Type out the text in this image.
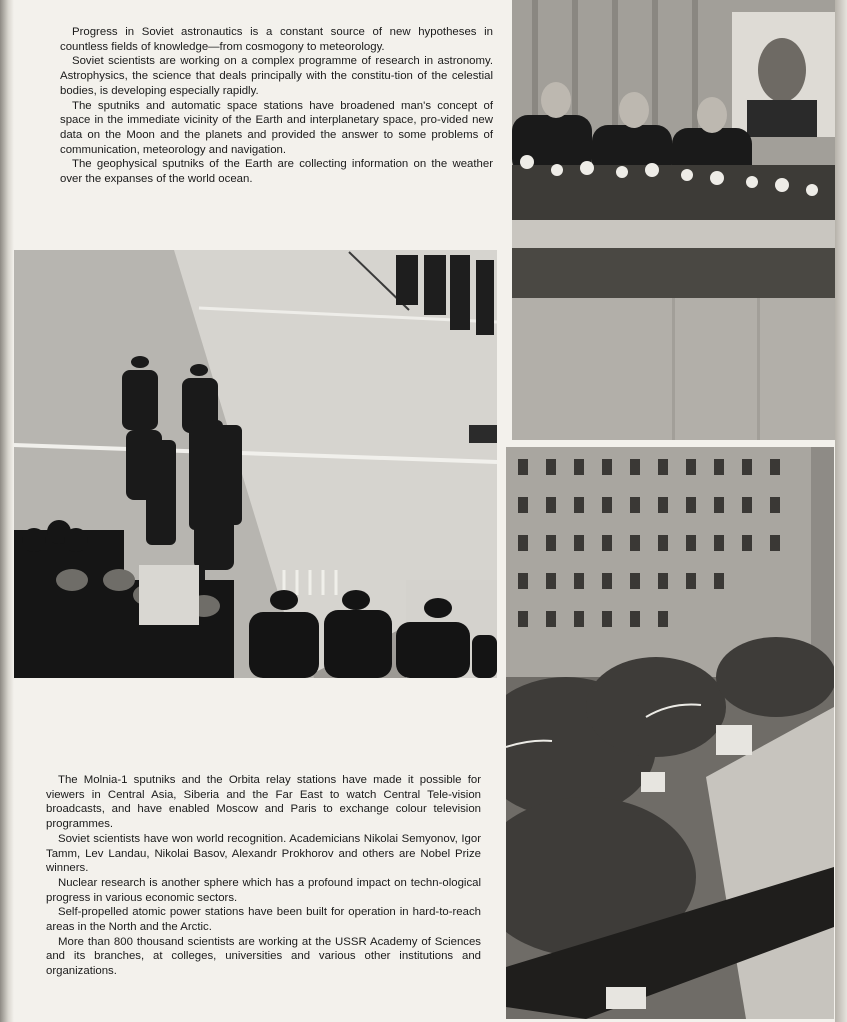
Progress in Soviet astronautics is a constant source of new hypotheses in countless fields of knowledge—from cosmogony to meteorology.

Soviet scientists are working on a complex programme of research in astronomy. Astrophysics, the science that deals principally with the constitu-tion of the celestial bodies, is developing especially rapidly.

The sputniks and automatic space stations have broadened man's concept of space in the immediate vicinity of the Earth and interplanetary space, pro-vided new data on the Moon and the planets and provided the answer to some problems of communication, meteorology and navigation.

The geophysical sputniks of the Earth are collecting information on the weather over the expanses of the world ocean.

The Molnia-1 sputniks and the Orbita relay stations have made it possible for viewers in Central Asia, Siberia and the Far East to watch Central Tele-vision broadcasts, and have enabled Moscow and Paris to exchange colour television programmes.

Soviet scientists have won world recognition. Academicians Nikolai Semyonov, Igor Tamm, Lev Landau, Nikolai Basov, Alexandr Prokhorov and others are Nobel Prize winners.

Nuclear research is another sphere which has a profound impact on techn-ological progress in various economic sectors.

Self-propelled atomic power stations have been built for operation in hard-to-reach areas in the North and the Arctic.

More than 800 thousand scientists are working at the USSR Academy of Sciences and its branches, at colleges, universities and various other institutions and organizations.
